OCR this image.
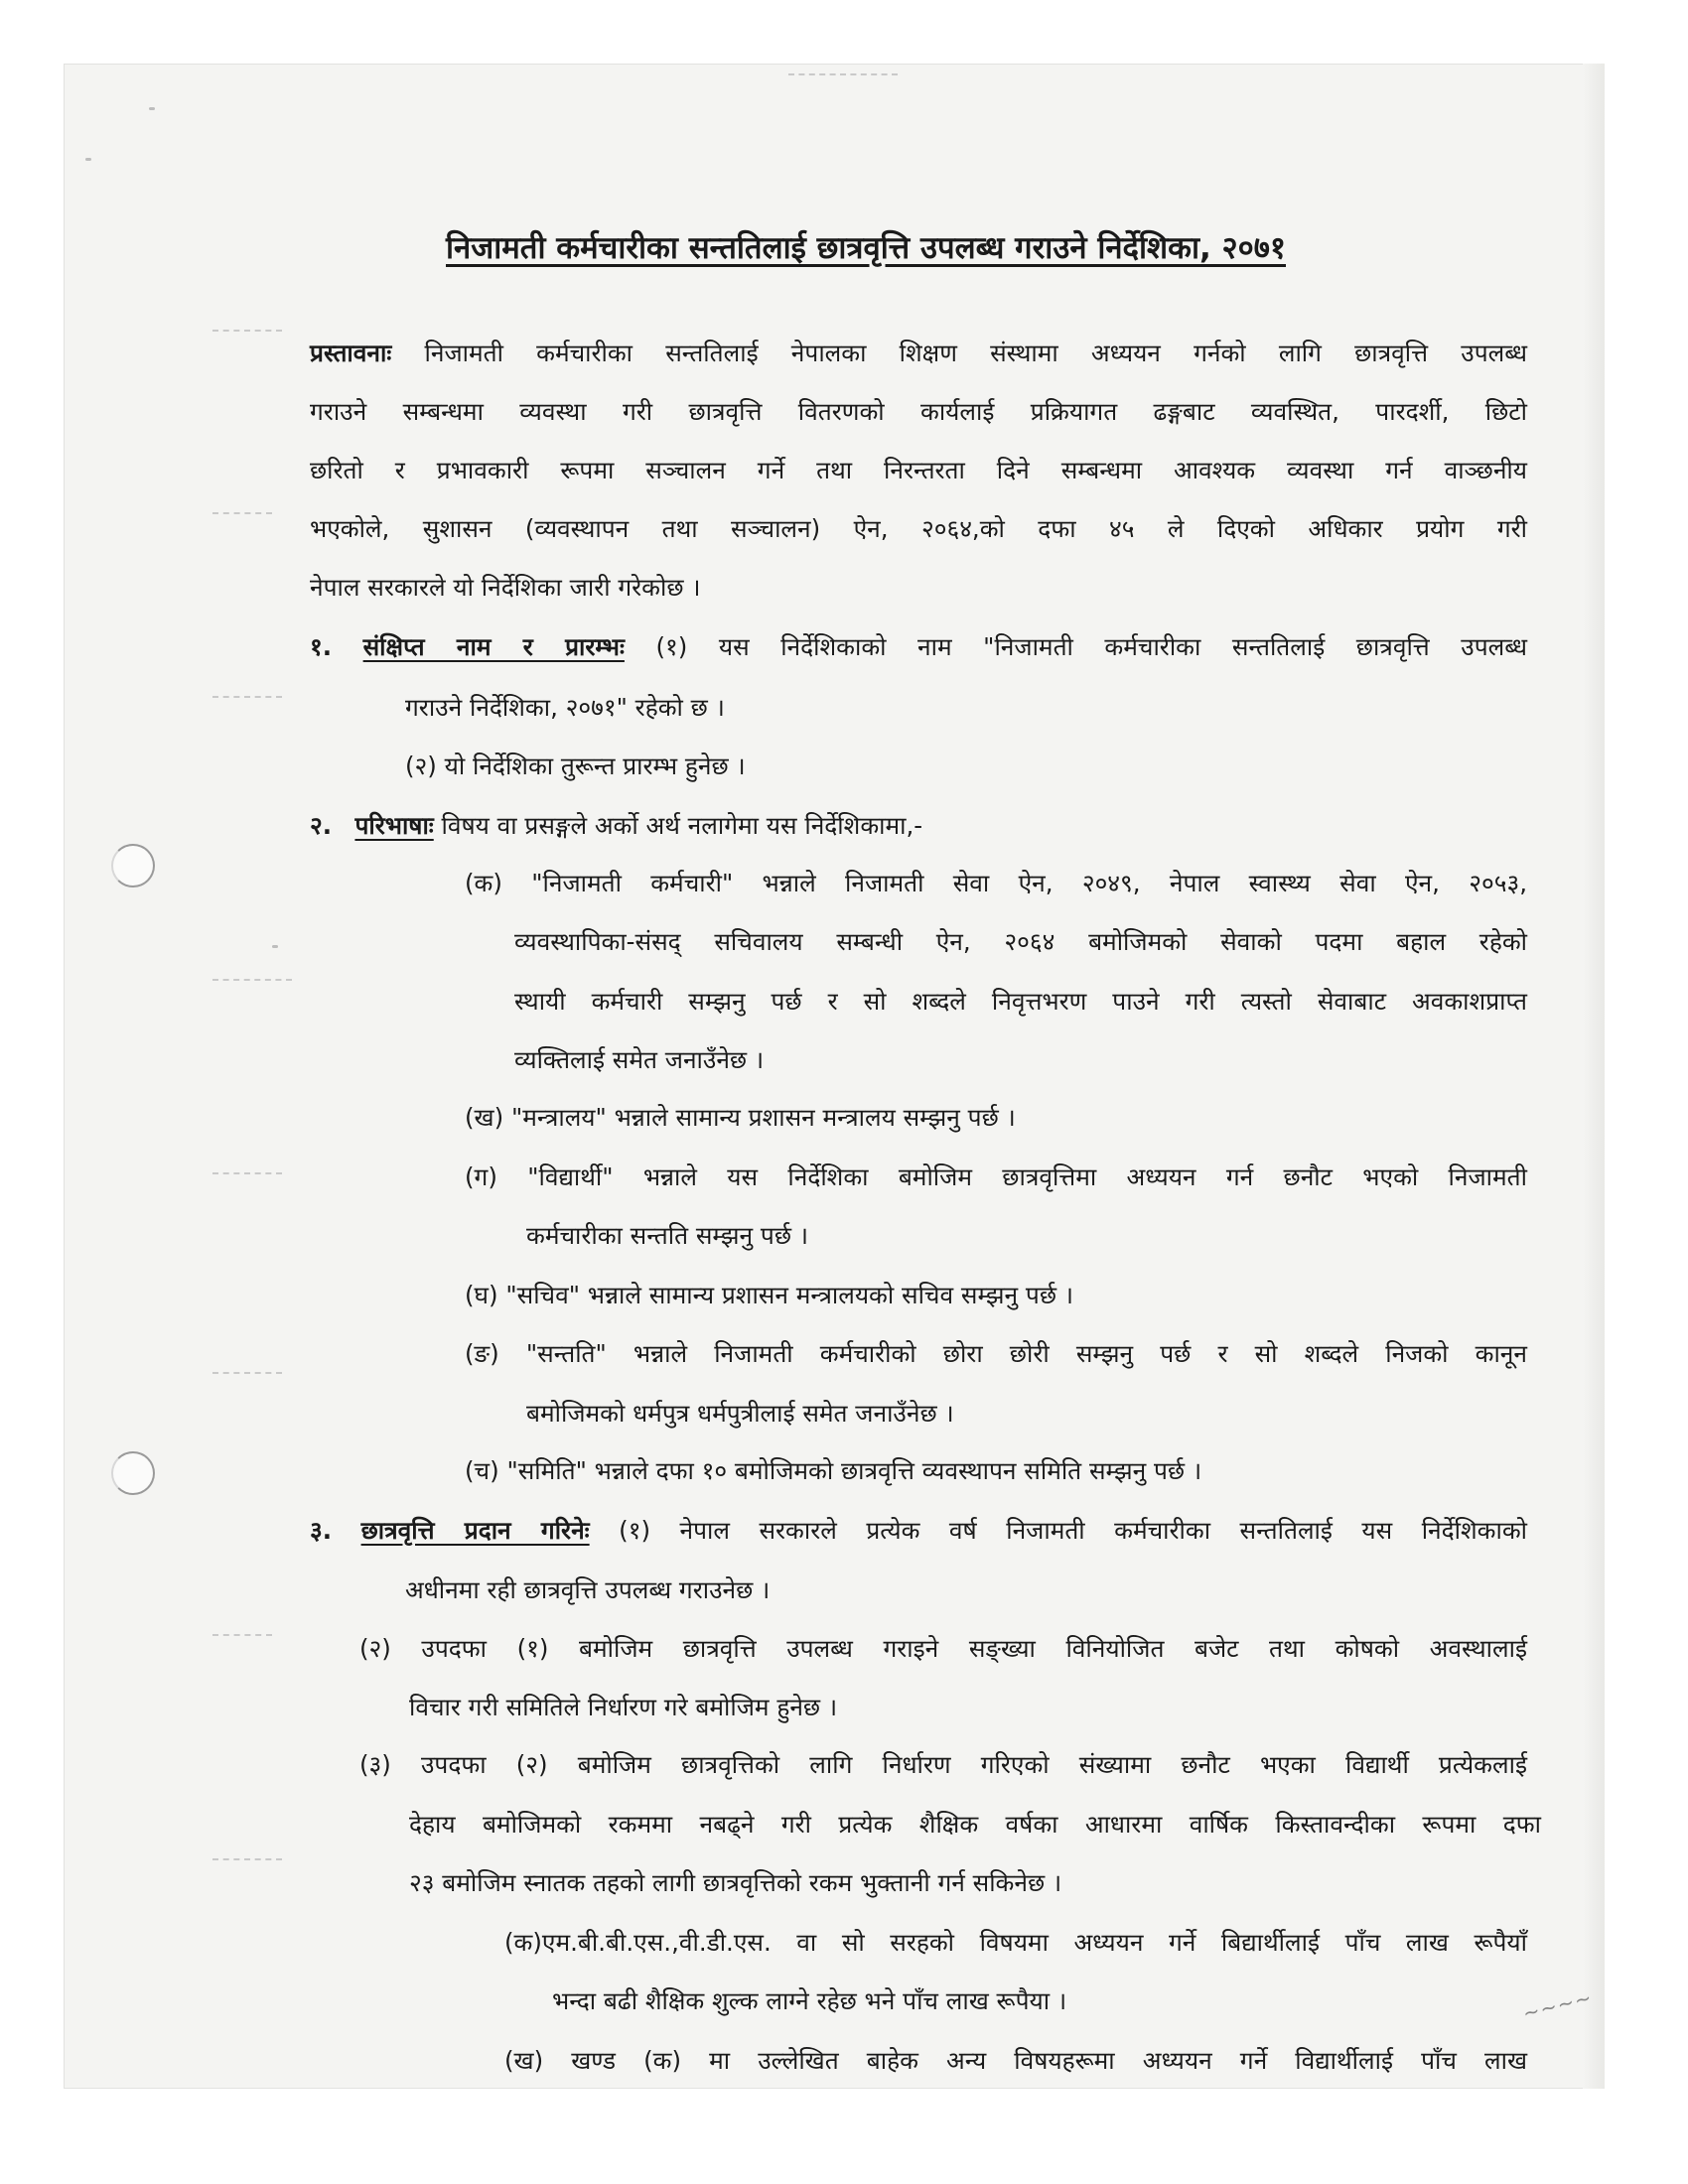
निजामती कर्मचारीका सन्ततिलाई छात्रवृत्ति उपलब्ध गराउने निर्देशिका, २०७१
प्रस्तावनाः निजामती कर्मचारीका सन्ततिलाई नेपालका शिक्षण संस्थामा अध्ययन गर्नको लागि छात्रवृत्ति उपलब्ध
गराउने सम्बन्धमा व्यवस्था गरी छात्रवृत्ति वितरणको कार्यलाई प्रक्रियागत ढङ्गबाट व्यवस्थित, पारदर्शी, छिटो
छरितो र प्रभावकारी रूपमा सञ्चालन गर्ने तथा निरन्तरता दिने सम्बन्धमा आवश्यक व्यवस्था गर्न वाञ्छनीय
भएकोले, सुशासन (व्यवस्थापन तथा सञ्चालन) ऐन, २०६४,को दफा ४५ ले दिएको अधिकार प्रयोग गरी
नेपाल सरकारले यो निर्देशिका जारी गरेकोछ ।
१. संक्षिप्त नाम र प्रारम्भः (१) यस निर्देशिकाको नाम "निजामती कर्मचारीका सन्ततिलाई छात्रवृत्ति उपलब्ध
गराउने निर्देशिका, २०७१" रहेको छ ।
(२) यो निर्देशिका तुरून्त प्रारम्भ हुनेछ ।
२. परिभाषाः विषय वा प्रसङ्गले अर्को अर्थ नलागेमा यस निर्देशिकामा,-
(क) "निजामती कर्मचारी" भन्नाले निजामती सेवा ऐन, २०४९, नेपाल स्वास्थ्य सेवा ऐन, २०५३,
व्यवस्थापिका-संसद् सचिवालय सम्बन्धी ऐन, २०६४ बमोजिमको सेवाको पदमा बहाल रहेको
स्थायी कर्मचारी सम्झनु पर्छ र सो शब्दले निवृत्तभरण पाउने गरी त्यस्तो सेवाबाट अवकाशप्राप्त
व्यक्तिलाई समेत जनाउँनेछ ।
(ख) "मन्त्रालय" भन्नाले सामान्य प्रशासन मन्त्रालय सम्झनु पर्छ ।
(ग) "विद्यार्थी" भन्नाले यस निर्देशिका बमोजिम छात्रवृत्तिमा अध्ययन गर्न छनौट भएको निजामती
कर्मचारीका सन्तति सम्झनु पर्छ ।
(घ) "सचिव" भन्नाले सामान्य प्रशासन मन्त्रालयको सचिव सम्झनु पर्छ ।
(ङ) "सन्तति" भन्नाले निजामती कर्मचारीको छोरा छोरी सम्झनु पर्छ र सो शब्दले निजको कानून
बमोजिमको धर्मपुत्र धर्मपुत्रीलाई समेत जनाउँनेछ ।
(च) "समिति" भन्नाले दफा १० बमोजिमको छात्रवृत्ति व्यवस्थापन समिति सम्झनु पर्छ ।
३. छात्रवृत्ति प्रदान गरिनेः (१) नेपाल सरकारले प्रत्येक वर्ष निजामती कर्मचारीका सन्ततिलाई यस निर्देशिकाको
अधीनमा रही छात्रवृत्ति उपलब्ध गराउनेछ ।
(२) उपदफा (१) बमोजिम छात्रवृत्ति उपलब्ध गराइने सङ्ख्या विनियोजित बजेट तथा कोषको अवस्थालाई
विचार गरी समितिले निर्धारण गरे बमोजिम हुनेछ ।
(३) उपदफा (२) बमोजिम छात्रवृत्तिको लागि निर्धारण गरिएको संख्यामा छनौट भएका विद्यार्थी प्रत्येकलाई
देहाय बमोजिमको रकममा नबढ्ने गरी प्रत्येक शैक्षिक वर्षका आधारमा वार्षिक किस्तावन्दीका रूपमा दफा
२३ बमोजिम स्नातक तहको लागी छात्रवृत्तिको रकम भुक्तानी गर्न सकिनेछ ।
(क)एम.बी.बी.एस.,वी.डी.एस. वा सो सरहको विषयमा अध्ययन गर्ने बिद्यार्थीलाई पाँच लाख रूपैयाँ
भन्दा बढी शैक्षिक शुल्क लाग्ने रहेछ भने पाँच लाख रूपैया ।
(ख) खण्ड (क) मा उल्लेखित बाहेक अन्य विषयहरूमा अध्ययन गर्ने विद्यार्थीलाई पाँच लाख
~~~~
